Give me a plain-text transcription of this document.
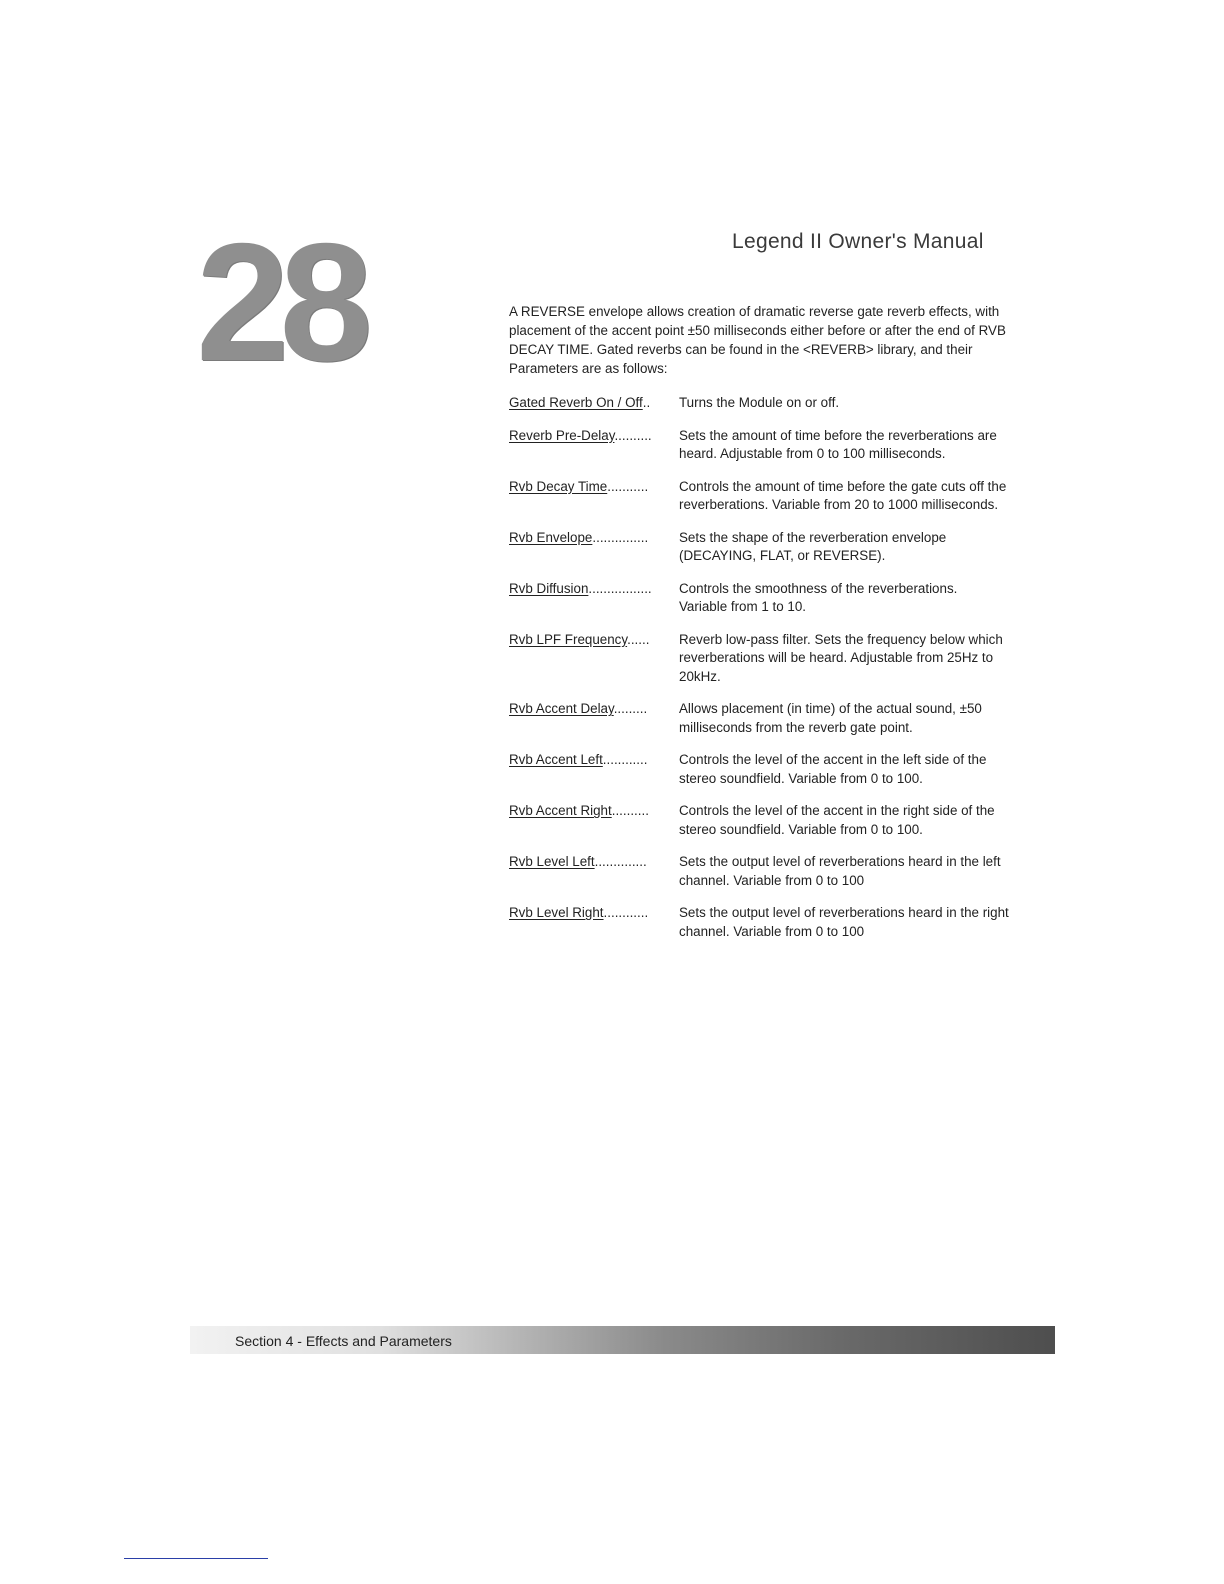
28	Legend II Owner's Manual
A REVERSE envelope allows creation of dramatic reverse gate reverb effects, with placement of the accent point ±50 milliseconds either before or after the end of RVB DECAY TIME. Gated reverbs can be found in the <REVERB> library, and their Parameters are as follows:
Gated Reverb On / Off..	Turns the Module on or off.
Reverb Pre-Delay..........	Sets the amount of time before the reverberations are heard. Adjustable from 0 to 100 milliseconds.
Rvb Decay Time...........	Controls the amount of time before the gate cuts off the reverberations. Variable from 20 to 1000 milliseconds.
Rvb Envelope...............	Sets the shape of the reverberation envelope (DECAYING, FLAT, or REVERSE).
Rvb Diffusion.................	Controls the smoothness of the reverberations. Variable from 1 to 10.
Rvb LPF Frequency......	Reverb low-pass filter. Sets the frequency below which reverberations will be heard. Adjustable from 25Hz to 20kHz.
Rvb Accent Delay.........	Allows placement (in time) of the actual sound, ±50 milliseconds from the reverb gate point.
Rvb Accent Left............	Controls the level of the accent in the left side of the stereo soundfield. Variable from 0 to 100.
Rvb Accent Right..........	Controls the level of the accent in the right side of the stereo soundfield. Variable from 0 to 100.
Rvb Level Left..............	Sets the output level of reverberations heard in the left channel. Variable from 0 to 100
Rvb Level Right............	Sets the output level of reverberations heard in the right channel. Variable from 0 to 100
Section 4 - Effects and Parameters
